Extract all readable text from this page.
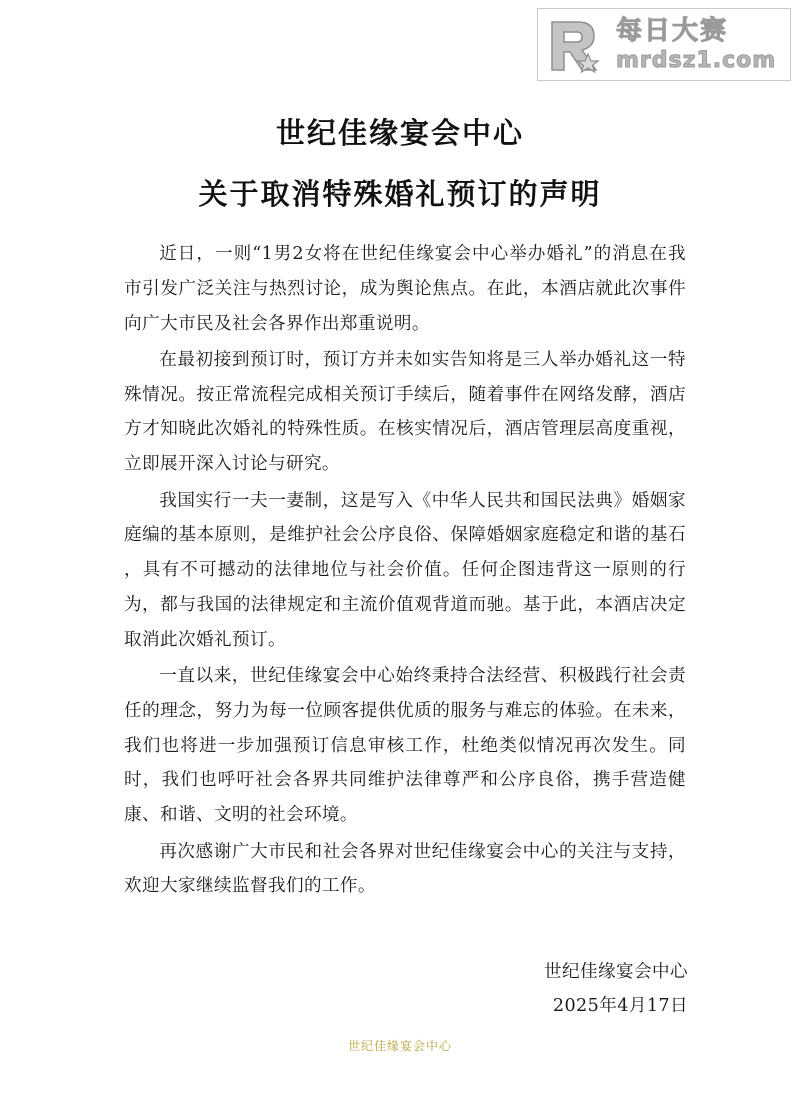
每日大赛
mrdsz1.com
世纪佳缘宴会中心
关于取消特殊婚礼预订的声明

近日，一则“1男2女将在世纪佳缘宴会中心举办婚礼”的消息在我市引发广泛关注与热烈讨论，成为舆论焦点。在此，本酒店就此次事件向广大市民及社会各界作出郑重说明。

在最初接到预订时，预订方并未如实告知将是三人举办婚礼这一特殊情况。按正常流程完成相关预订手续后，随着事件在网络发酵，酒店方才知晓此次婚礼的特殊性质。在核实情况后，酒店管理层高度重视，立即展开深入讨论与研究。

我国实行一夫一妻制，这是写入《中华人民共和国民法典》婚姻家庭编的基本原则，是维护社会公序良俗、保障婚姻家庭稳定和谐的基石 ，具有不可撼动的法律地位与社会价值。任何企图违背这一原则的行为，都与我国的法律规定和主流价值观背道而驰。基于此，本酒店决定取消此次婚礼预订。

一直以来，世纪佳缘宴会中心始终秉持合法经营、积极践行社会责任的理念，努力为每一位顾客提供优质的服务与难忘的体验。在未来，我们也将进一步加强预订信息审核工作，杜绝类似情况再次发生。同时，我们也呼吁社会各界共同维护法律尊严和公序良俗，携手营造健康、和谐、文明的社会环境。

再次感谢广大市民和社会各界对世纪佳缘宴会中心的关注与支持，欢迎大家继续监督我们的工作。

世纪佳缘宴会中心
2025年4月17日
世纪佳缘宴会中心
